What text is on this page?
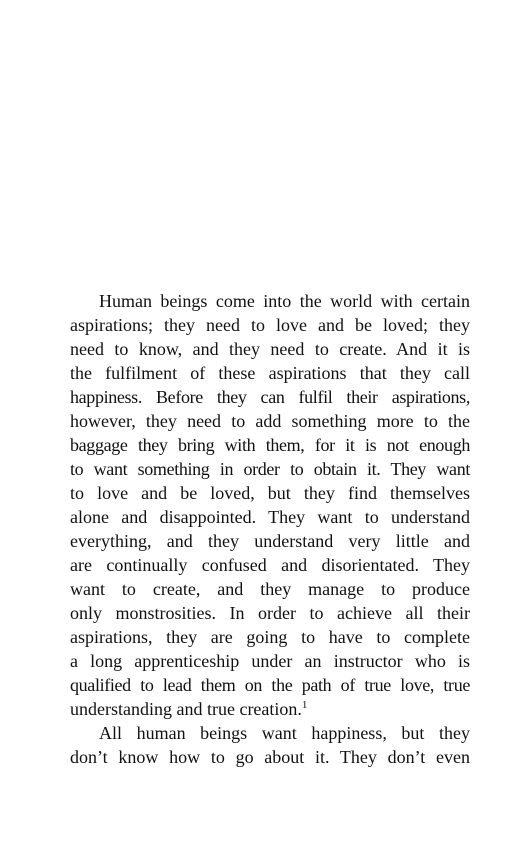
Human beings come into the world with certain
aspirations; they need to love and be loved; they
need to know, and they need to create. And it is
the fulfilment of these aspirations that they call
happiness. Before they can fulfil their aspirations,
however, they need to add something more to the
baggage they bring with them, for it is not enough
to want something in order to obtain it. They want
to love and be loved, but they find themselves
alone and disappointed. They want to understand
everything, and they understand very little and
are continually confused and disorientated. They
want to create, and they manage to produce
only monstrosities. In order to achieve all their
aspirations, they are going to have to complete
a long apprenticeship under an instructor who is
qualified to lead them on the path of true love, true
understanding and true creation.$^1$
All human beings want happiness, but they
don’t know how to go about it. They don’t even
